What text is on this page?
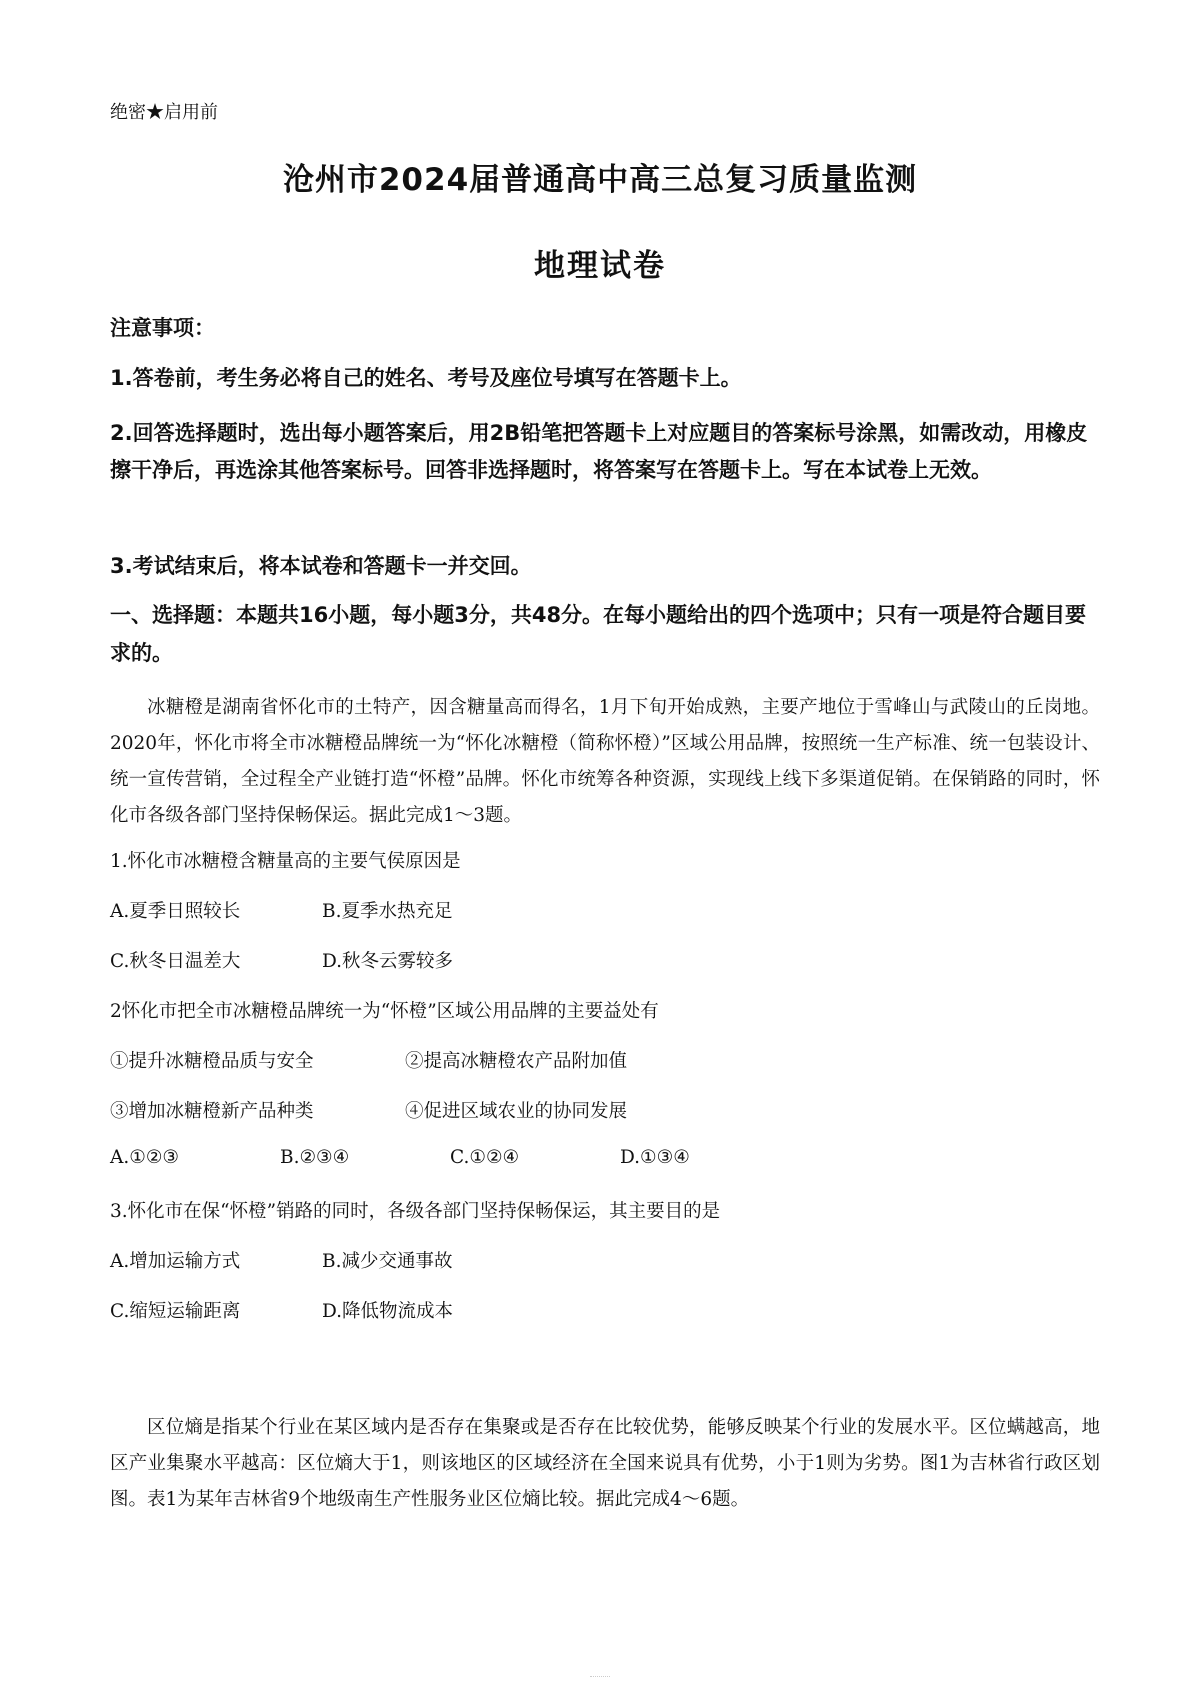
绝密★启用前
沧州市2024届普通高中高三总复习质量监测
地理试卷
注意事项：
1.答卷前，考生务必将自己的姓名、考号及座位号填写在答题卡上。
2.回答选择题时，选出每小题答案后，用2B铅笔把答题卡上对应题目的答案标号涂黑，如需改动，用橡皮擦干净后，再选涂其他答案标号。回答非选择题时，将答案写在答题卡上。写在本试卷上无效。
3.考试结束后，将本试卷和答题卡一并交回。
一、选择题：本题共16小题，每小题3分，共48分。在每小题给出的四个选项中；只有一项是符合题目要求的。
冰糖橙是湖南省怀化市的土特产，因含糖量高而得名，1月下旬开始成熟，主要产地位于雪峰山与武陵山的丘岗地。2020年，怀化市将全市冰糖橙品牌统一为“怀化冰糖橙（简称怀橙）”区域公用品牌，按照统一生产标准、统一包装设计、统一宣传营销，全过程全产业链打造“怀橙”品牌。怀化市统筹各种资源，实现线上线下多渠道促销。在保销路的同时，怀化市各级各部门坚持保畅保运。据此完成1～3题。
1.怀化市冰糖橙含糖量高的主要气侯原因是
A.夏季日照较长	B.夏季水热充足
C.秋冬日温差大	D.秋冬云雾较多
2怀化市把全市冰糖橙品牌统一为“怀橙”区域公用品牌的主要益处有
①提升冰糖橙品质与安全	②提高冰糖橙农产品附加值
③增加冰糖橙新产品种类	④促进区域农业的协同发展
A.①②③	B.②③④	C.①②④	D.①③④
3.怀化市在保“怀橙”销路的同时，各级各部门坚持保畅保运，其主要目的是
A.增加运输方式	B.减少交通事故
C.缩短运输距离	D.降低物流成本
区位熵是指某个行业在某区域内是否存在集聚或是否存在比较优势，能够反映某个行业的发展水平。区位螨越高，地区产业集聚水平越高：区位熵大于1，则该地区的区域经济在全国来说具有优势，小于1则为劣势。图1为吉林省行政区划图。表1为某年吉林省9个地级南生产性服务业区位熵比较。据此完成4～6题。
